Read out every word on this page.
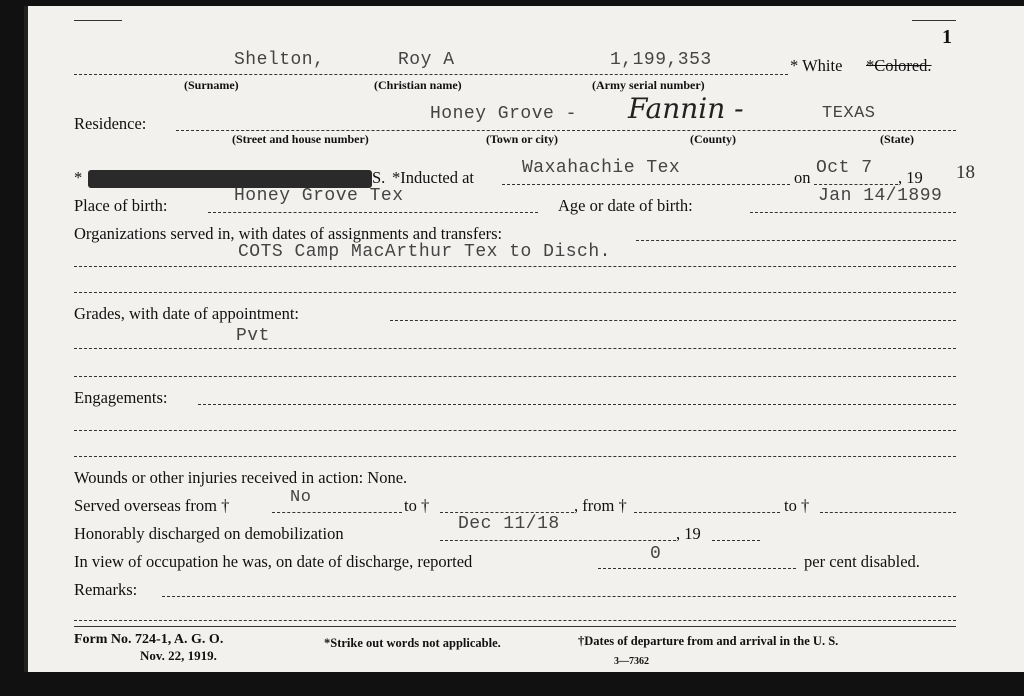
1
Shelton,	Roy A	1,199,353	* White *Colored.
(Surname)	(Christian name)	(Army serial number)
Residence:	Honey Grove - Fannin -	TEXAS
(Street and house number)	(Town or city)	(County)	(State)
*	S. *Inducted at	Waxahachie Tex	on Oct 7 , 19 18
Place of birth:	Honey Grove Tex	Age or date of birth:	Jan 14/1899
Organizations served in, with dates of assignments and transfers:
COTS Camp MacArthur Tex to Disch.
Grades, with date of appointment:
Pvt
Engagements:
Wounds or other injuries received in action: None.
Served overseas from †	No	to †	, from †	to †
Honorably discharged on demobilization	Dec 11/18	, 19
In view of occupation he was, on date of discharge, reported	0	per cent disabled.
Remarks:
Form No. 724-1, A. G. O.
Nov. 22, 1919.
*Strike out words not applicable.	†Dates of departure from and arrival in the U. S.
3—7362
